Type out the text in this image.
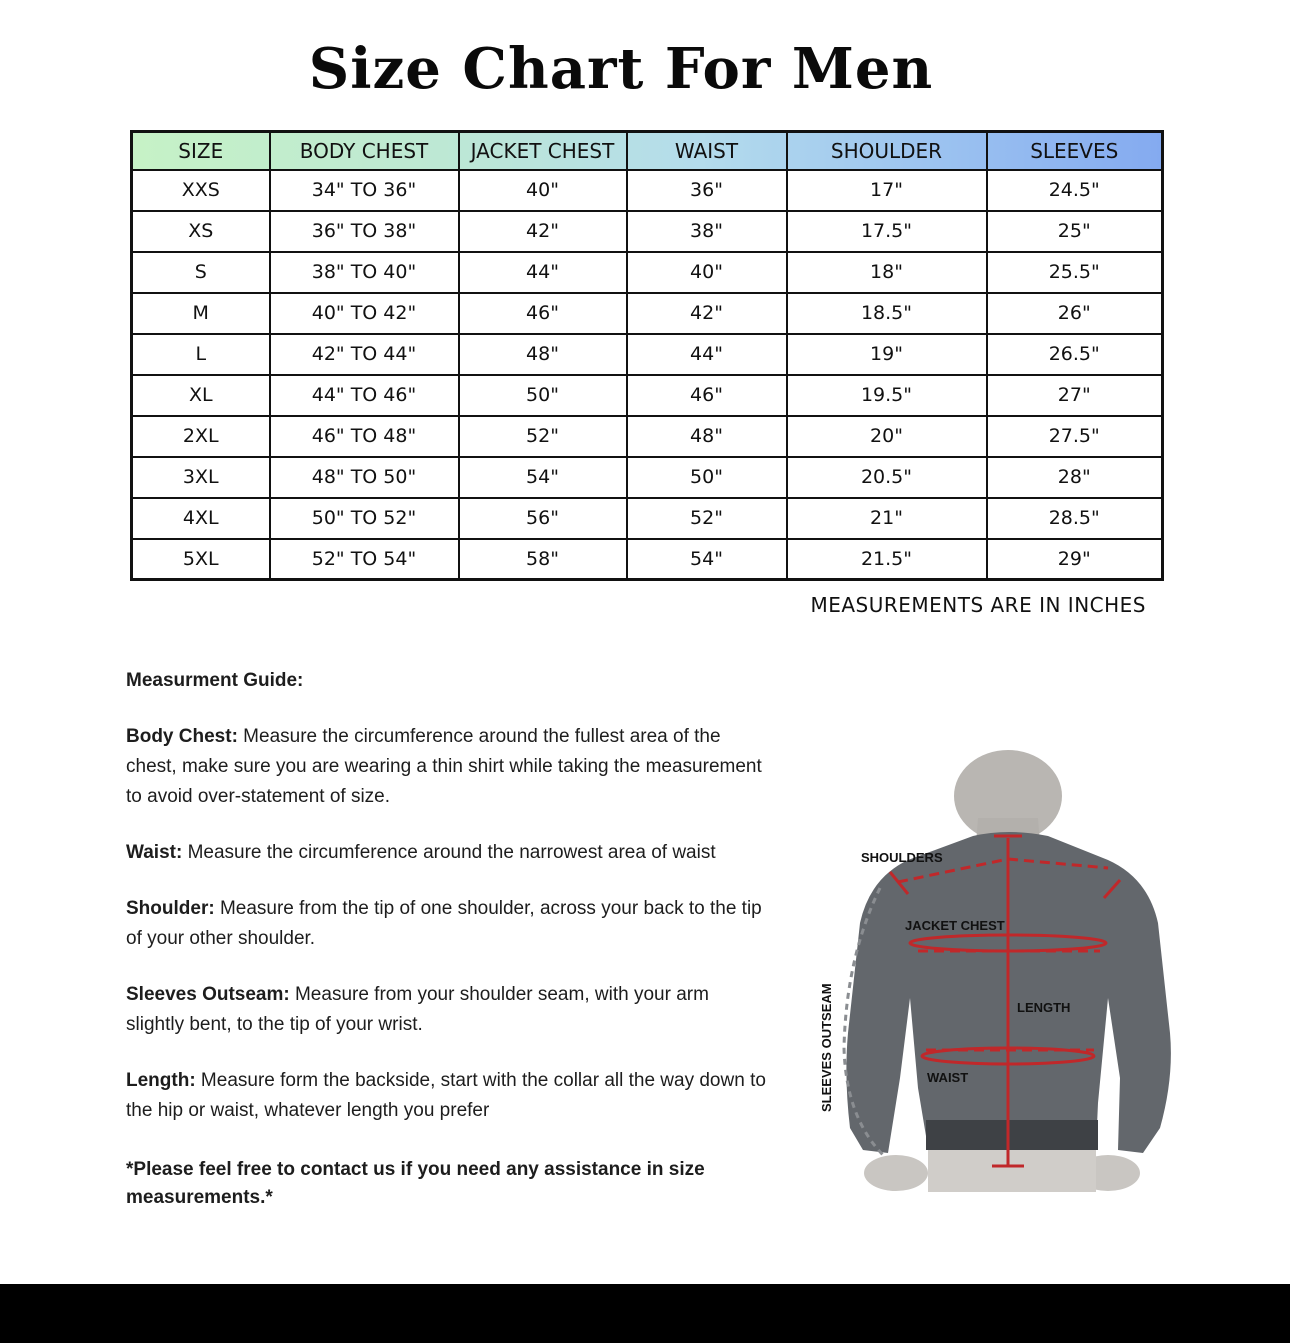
Size Chart For Men
SIZE	BODY CHEST	JACKET CHEST	WAIST	SHOULDER	SLEEVES
XXS	34" TO 36"	40"	36"	17"	24.5"
XS	36" TO 38"	42"	38"	17.5"	25"
S	38" TO 40"	44"	40"	18"	25.5"
M	40" TO 42"	46"	42"	18.5"	26"
L	42" TO 44"	48"	44"	19"	26.5"
XL	44" TO 46"	50"	46"	19.5"	27"
2XL	46" TO 48"	52"	48"	20"	27.5"
3XL	48" TO 50"	54"	50"	20.5"	28"
4XL	50" TO 52"	56"	52"	21"	28.5"
5XL	52" TO 54"	58"	54"	21.5"	29"
MEASUREMENTS ARE IN INCHES
Measurment Guide:

Body Chest: Measure the circumference around the fullest area of the chest, make sure you are wearing a thin shirt while taking the measurement to avoid over-statement of size.

Waist: Measure the circumference around the narrowest area of waist

Shoulder: Measure from the tip of one shoulder, across your back to the tip of your other shoulder.

Sleeves Outseam: Measure from your shoulder seam, with your arm slightly bent, to the tip of your wrist.

Length: Measure form the backside, start with the collar all the way down to the hip or waist, whatever length you prefer

*Please feel free to contact us if you need any assistance in size measurements.*
SHOULDERS
JACKET CHEST
LENGTH
WAIST
SLEEVES OUTSEAM
